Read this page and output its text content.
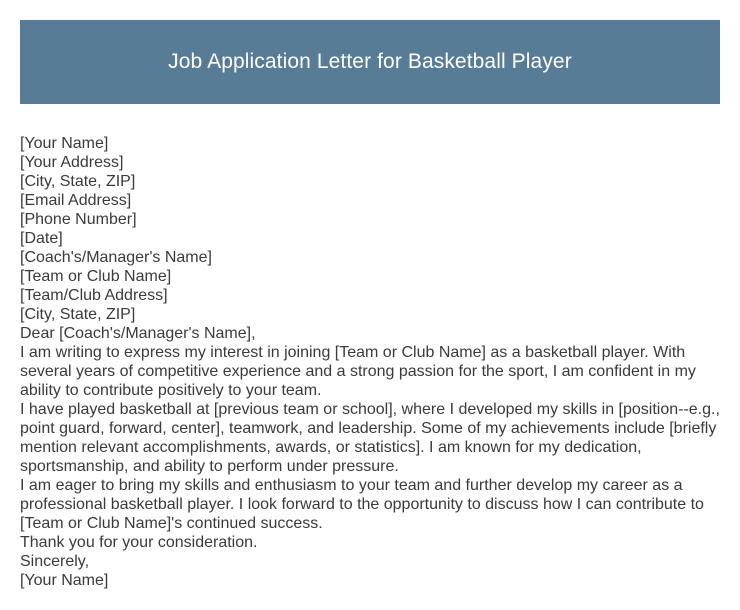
Job Application Letter for Basketball Player
[Your Name]
[Your Address]
[City, State, ZIP]
[Email Address]
[Phone Number]
[Date]
[Coach's/Manager's Name]
[Team or Club Name]
[Team/Club Address]
[City, State, ZIP]
Dear [Coach's/Manager's Name],
I am writing to express my interest in joining [Team or Club Name] as a basketball player. With several years of competitive experience and a strong passion for the sport, I am confident in my ability to contribute positively to your team.
I have played basketball at [previous team or school], where I developed my skills in [position--e.g., point guard, forward, center], teamwork, and leadership. Some of my achievements include [briefly mention relevant accomplishments, awards, or statistics]. I am known for my dedication, sportsmanship, and ability to perform under pressure.
I am eager to bring my skills and enthusiasm to your team and further develop my career as a professional basketball player. I look forward to the opportunity to discuss how I can contribute to [Team or Club Name]'s continued success.
Thank you for your consideration.
Sincerely,
[Your Name]
